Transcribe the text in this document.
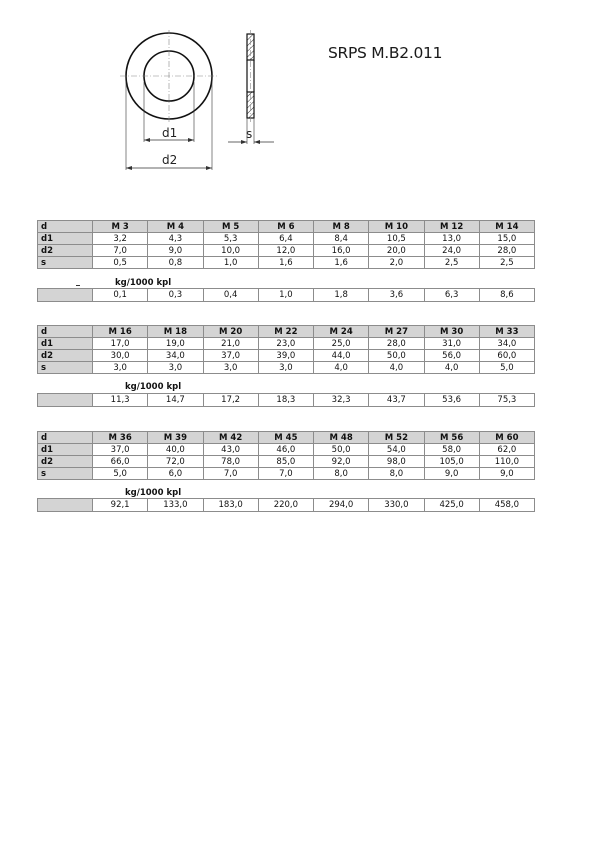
d1
d2
s
SRPS M.B2.011
d	M 3	M 4	M 5	M 6	M 8	M 10	M 12	M 14
d1	3,2	4,3	5,3	6,4	8,4	10,5	13,0	15,0
d2	7,0	9,0	10,0	12,0	16,0	20,0	24,0	28,0
s	0,5	0,8	1,0	1,6	1,6	2,0	2,5	2,5
kg/1000 kpl
	0,1	0,3	0,4	1,0	1,8	3,6	6,3	8,6
d	M 16	M 18	M 20	M 22	M 24	M 27	M 30	M 33
d1	17,0	19,0	21,0	23,0	25,0	28,0	31,0	34,0
d2	30,0	34,0	37,0	39,0	44,0	50,0	56,0	60,0
s	3,0	3,0	3,0	3,0	4,0	4,0	4,0	5,0
kg/1000 kpl
	11,3	14,7	17,2	18,3	32,3	43,7	53,6	75,3
d	M 36	M 39	M 42	M 45	M 48	M 52	M 56	M 60
d1	37,0	40,0	43,0	46,0	50,0	54,0	58,0	62,0
d2	66,0	72,0	78,0	85,0	92,0	98,0	105,0	110,0
s	5,0	6,0	7,0	7,0	8,0	8,0	9,0	9,0
kg/1000 kpl
	92,1	133,0	183,0	220,0	294,0	330,0	425,0	458,0
